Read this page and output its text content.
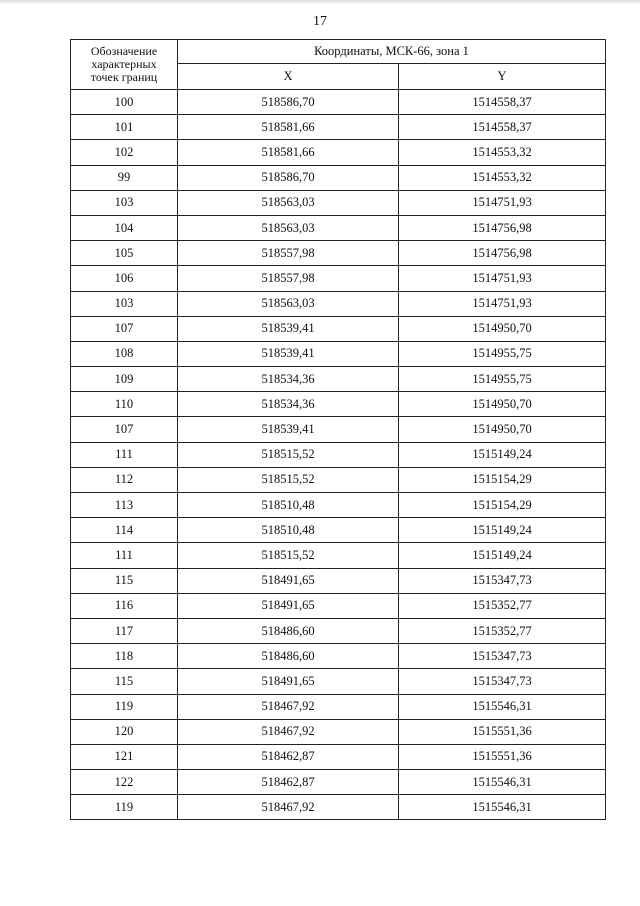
17
Обозначение
характерных
точек границ	Координаты, МСК-66, зона 1	
	X	Y
100	518586,70	1514558,37
101	518581,66	1514558,37
102	518581,66	1514553,32
99	518586,70	1514553,32
103	518563,03	1514751,93
104	518563,03	1514756,98
105	518557,98	1514756,98
106	518557,98	1514751,93
103	518563,03	1514751,93
107	518539,41	1514950,70
108	518539,41	1514955,75
109	518534,36	1514955,75
110	518534,36	1514950,70
107	518539,41	1514950,70
111	518515,52	1515149,24
112	518515,52	1515154,29
113	518510,48	1515154,29
114	518510,48	1515149,24
111	518515,52	1515149,24
115	518491,65	1515347,73
116	518491,65	1515352,77
117	518486,60	1515352,77
118	518486,60	1515347,73
115	518491,65	1515347,73
119	518467,92	1515546,31
120	518467,92	1515551,36
121	518462,87	1515551,36
122	518462,87	1515546,31
119	518467,92	1515546,31
